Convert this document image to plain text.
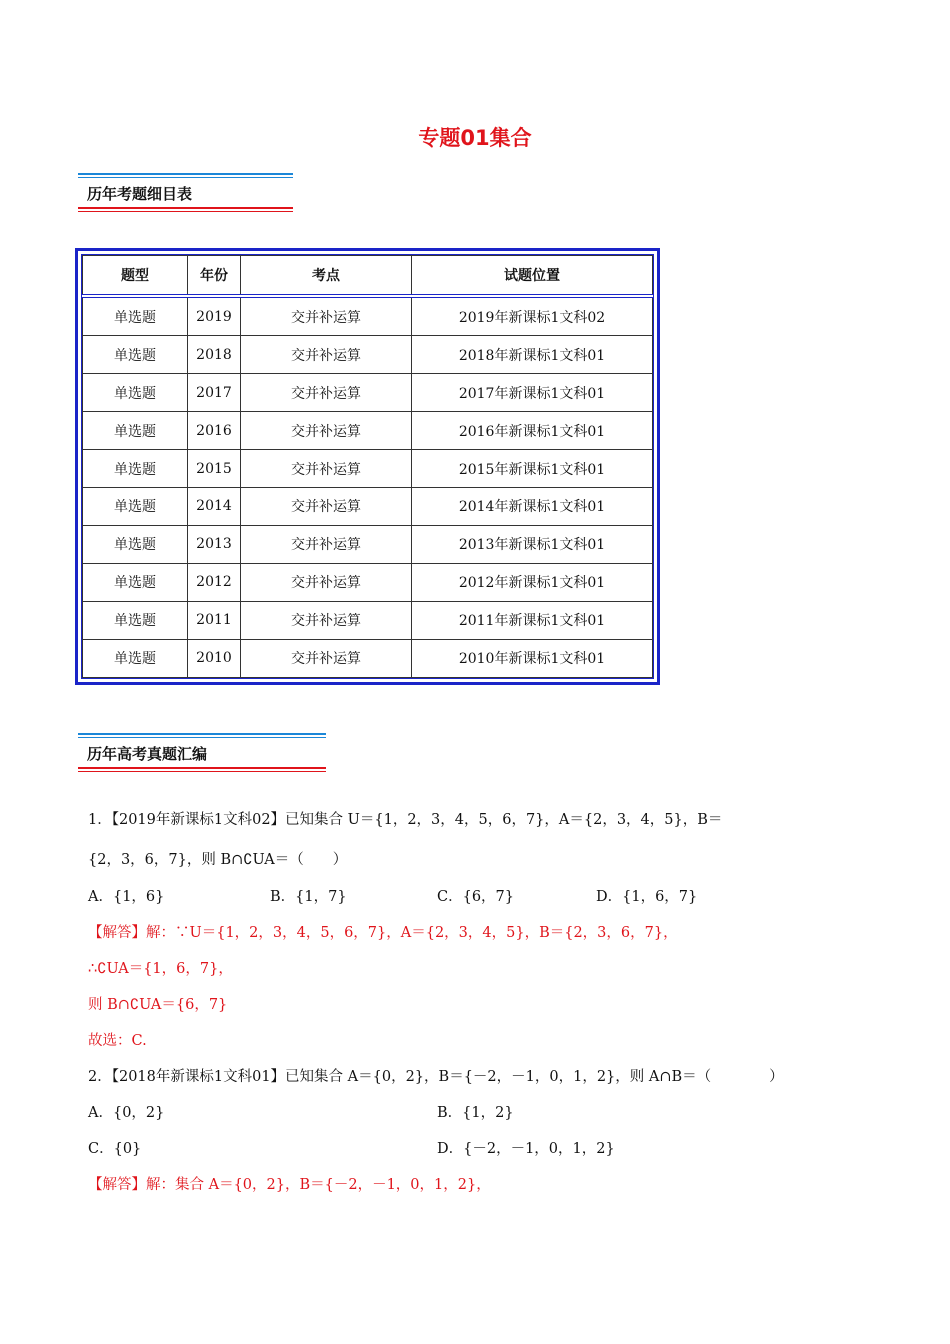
专题01集合
历年考题细目表
题型	年份	考点	试题位置
单选题	2019	交并补运算	2019年新课标1文科02
单选题	2018	交并补运算	2018年新课标1文科01
单选题	2017	交并补运算	2017年新课标1文科01
单选题	2016	交并补运算	2016年新课标1文科01
单选题	2015	交并补运算	2015年新课标1文科01
单选题	2014	交并补运算	2014年新课标1文科01
单选题	2013	交并补运算	2013年新课标1文科01
单选题	2012	交并补运算	2012年新课标1文科01
单选题	2011	交并补运算	2011年新课标1文科01
单选题	2010	交并补运算	2010年新课标1文科01
历年高考真题汇编
1．【2019年新课标1文科02】已知集合 U＝{1，2，3，4，5，6，7}，A＝{2，3，4，5}，B＝
{2，3，6，7}，则 B∩∁UA＝（　　）
A．{1，6}	B．{1，7}	C．{6，7}	D．{1，6，7}
【解答】解：∵U＝{1，2，3，4，5，6，7}，A＝{2，3，4，5}，B＝{2，3，6，7}，
∴∁UA＝{1，6，7}，
则 B∩∁UA＝{6，7}
故选：C.
2．【2018年新课标1文科01】已知集合 A＝{0，2}，B＝{－2，－1，0，1，2}，则 A∩B＝（　　　　）
A．{0，2}	B．{1，2}
C．{0}	D．{－2，－1，0，1，2}
【解答】解：集合 A＝{0，2}，B＝{－2，－1，0，1，2}，
